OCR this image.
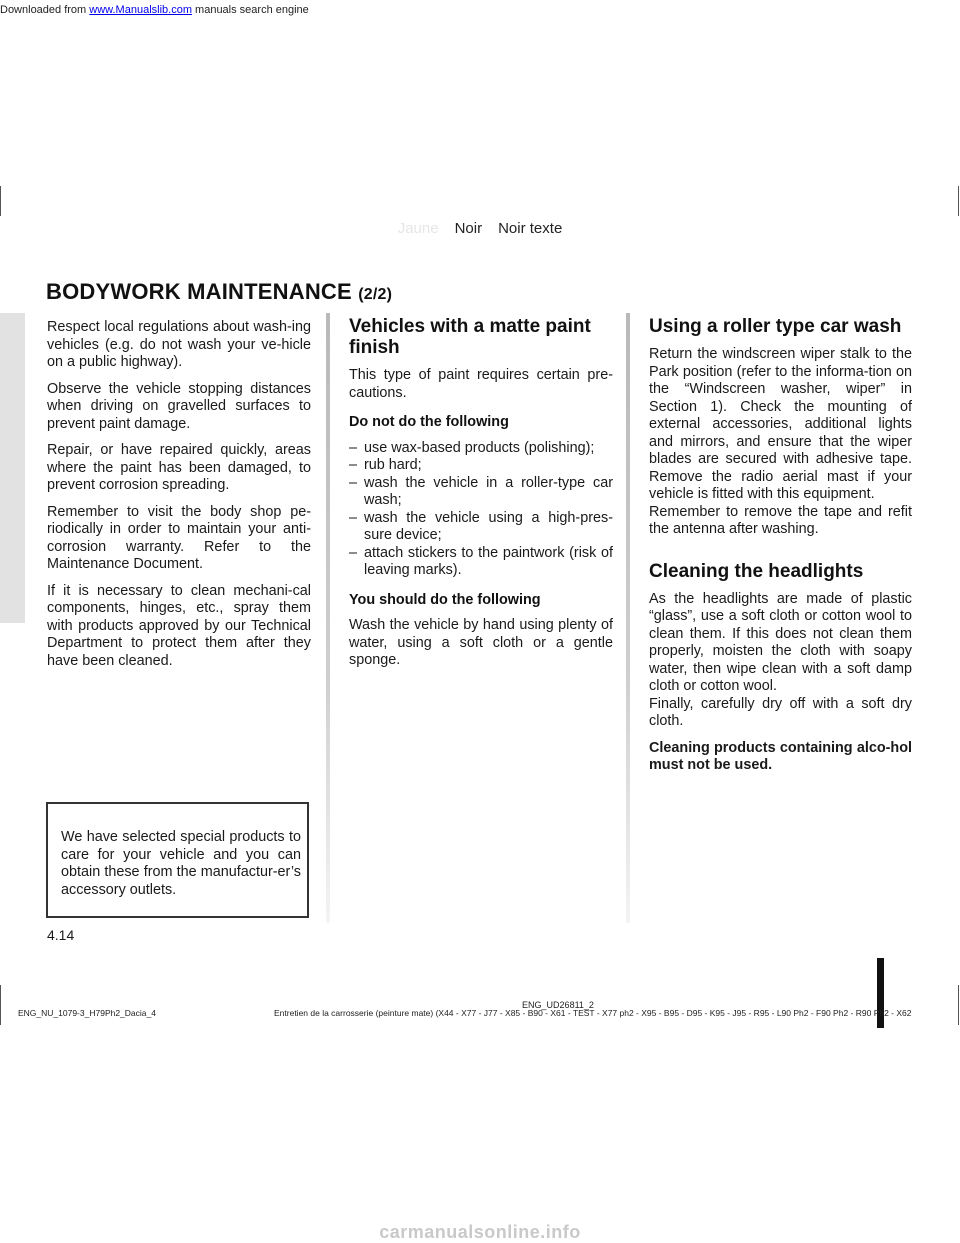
Downloaded from www.Manualslib.com manuals search engine
Jaune Noir Noir texte
BODYWORK MAINTENANCE (2/2)

Respect local regulations about wash-ing vehicles (e.g. do not wash your ve-hicle on a public highway).

Observe the vehicle stopping distances when driving on gravelled surfaces to prevent paint damage.

Repair, or have repaired quickly, areas where the paint has been damaged, to prevent corrosion spreading.

Remember to visit the body shop pe-riodically in order to maintain your anti-corrosion warranty. Refer to the Maintenance Document.

If it is necessary to clean mechani-cal components, hinges, etc., spray them with products approved by our Technical Department to protect them after they have been cleaned.

We have selected special products to care for your vehicle and you can obtain these from the manufactur-er’s accessory outlets.
Vehicles with a matte paint finish

This type of paint requires certain pre-cautions.

Do not do the following
– use wax-based products (polishing);
– rub hard;
– wash the vehicle in a roller-type car wash;
– wash the vehicle using a high-pres-sure device;
– attach stickers to the paintwork (risk of leaving marks).
You should do the following

Wash the vehicle by hand using plenty of water, using a soft cloth or a gentle sponge.

Using a roller type car wash

Return the windscreen wiper stalk to the Park position (refer to the informa-tion on the “Windscreen washer, wiper” in Section 1). Check the mounting of external accessories, additional lights and mirrors, and ensure that the wiper blades are secured with adhesive tape. Remove the radio aerial mast if your vehicle is fitted with this equipment.

Remember to remove the tape and refit the antenna after washing.

Cleaning the headlights

As the headlights are made of plastic “glass”, use a soft cloth or cotton wool to clean them. If this does not clean them properly, moisten the cloth with soapy water, then wipe clean with a soft damp cloth or cotton wool.

Finally, carefully dry off with a soft dry cloth.

Cleaning products containing alco-hol must not be used.

4.14
ENG_UD26811_2
ENG_NU_1079-3_H79Ph2_Dacia_4	Entretien de la carrosserie (peinture mate) (X44 - X77 - J77 - X85 - B90 - X61 - TEST - X77 ph2 - X95 - B95 - D95 - K95 - J95 - R95 - L90 Ph2 - F90 Ph2 - R90 Ph2 - X62
carmanualsonline.info
